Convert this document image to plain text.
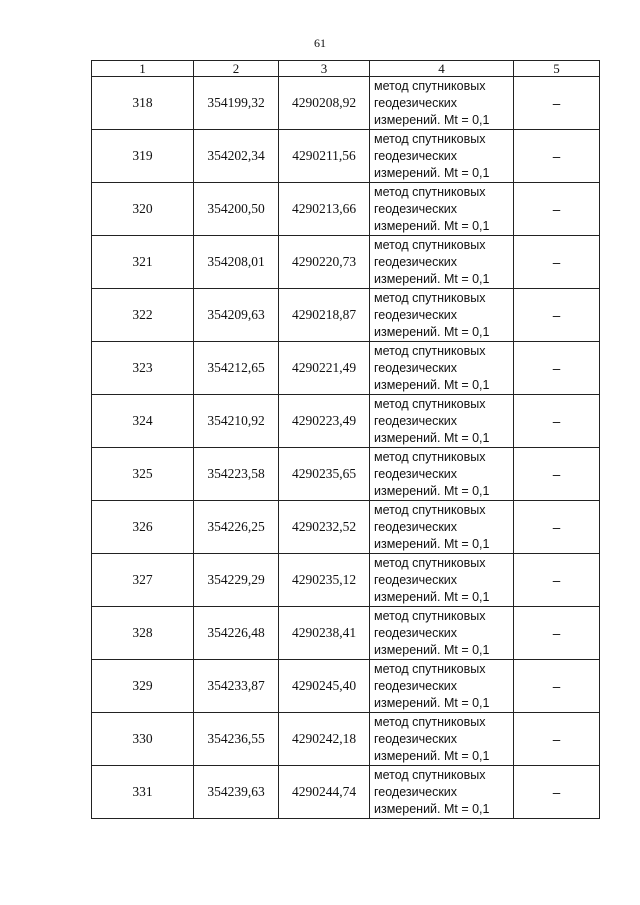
61
1	2	3	4	5
318	354199,32	4290208,92	метод спутниковых
геодезических
измерений. Mt = 0,1	–
319	354202,34	4290211,56	метод спутниковых
геодезических
измерений. Mt = 0,1	–
320	354200,50	4290213,66	метод спутниковых
геодезических
измерений. Mt = 0,1	–
321	354208,01	4290220,73	метод спутниковых
геодезических
измерений. Mt = 0,1	–
322	354209,63	4290218,87	метод спутниковых
геодезических
измерений. Mt = 0,1	–
323	354212,65	4290221,49	метод спутниковых
геодезических
измерений. Mt = 0,1	–
324	354210,92	4290223,49	метод спутниковых
геодезических
измерений. Mt = 0,1	–
325	354223,58	4290235,65	метод спутниковых
геодезических
измерений. Mt = 0,1	–
326	354226,25	4290232,52	метод спутниковых
геодезических
измерений. Mt = 0,1	–
327	354229,29	4290235,12	метод спутниковых
геодезических
измерений. Mt = 0,1	–
328	354226,48	4290238,41	метод спутниковых
геодезических
измерений. Mt = 0,1	–
329	354233,87	4290245,40	метод спутниковых
геодезических
измерений. Mt = 0,1	–
330	354236,55	4290242,18	метод спутниковых
геодезических
измерений. Mt = 0,1	–
331	354239,63	4290244,74	метод спутниковых
геодезических
измерений. Mt = 0,1	–
